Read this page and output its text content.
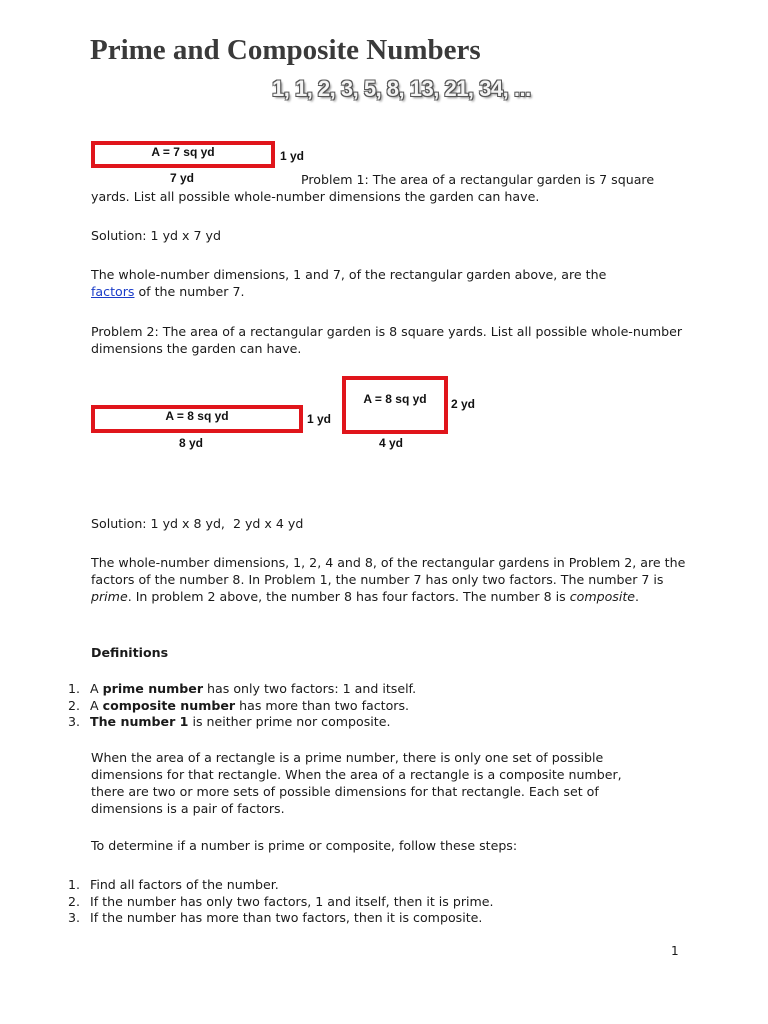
Prime and Composite Numbers
1, 1, 2, 3, 5, 8, 13, 21, 34, ...
A = 7 sq yd	1 yd
7 yd	Problem 1: The area of a rectangular garden is 7 square yards. List all possible whole-number dimensions the garden can have.
Solution: 1 yd x 7 yd
The whole-number dimensions, 1 and 7, of the rectangular garden above, are the factors of the number 7.
Problem 2: The area of a rectangular garden is 8 square yards. List all possible whole-number dimensions the garden can have.
A = 8 sq yd	1 yd
8 yd
A = 8 sq yd 2 yd
4 yd
Solution: 1 yd x 8 yd,  2 yd x 4 yd
The whole-number dimensions, 1, 2, 4 and 8, of the rectangular gardens in Problem 2, are the factors of the number 8. In Problem 1, the number 7 has only two factors. The number 7 is prime. In problem 2 above, the number 8 has four factors. The number 8 is composite.
Definitions
1. A prime number has only two factors: 1 and itself.
2. A composite number has more than two factors.
3. The number 1 is neither prime nor composite.
When the area of a rectangle is a prime number, there is only one set of possible dimensions for that rectangle. When the area of a rectangle is a composite number, there are two or more sets of possible dimensions for that rectangle. Each set of dimensions is a pair of factors.
To determine if a number is prime or composite, follow these steps:
1. Find all factors of the number.
2. If the number has only two factors, 1 and itself, then it is prime.
3. If the number has more than two factors, then it is composite.
1
